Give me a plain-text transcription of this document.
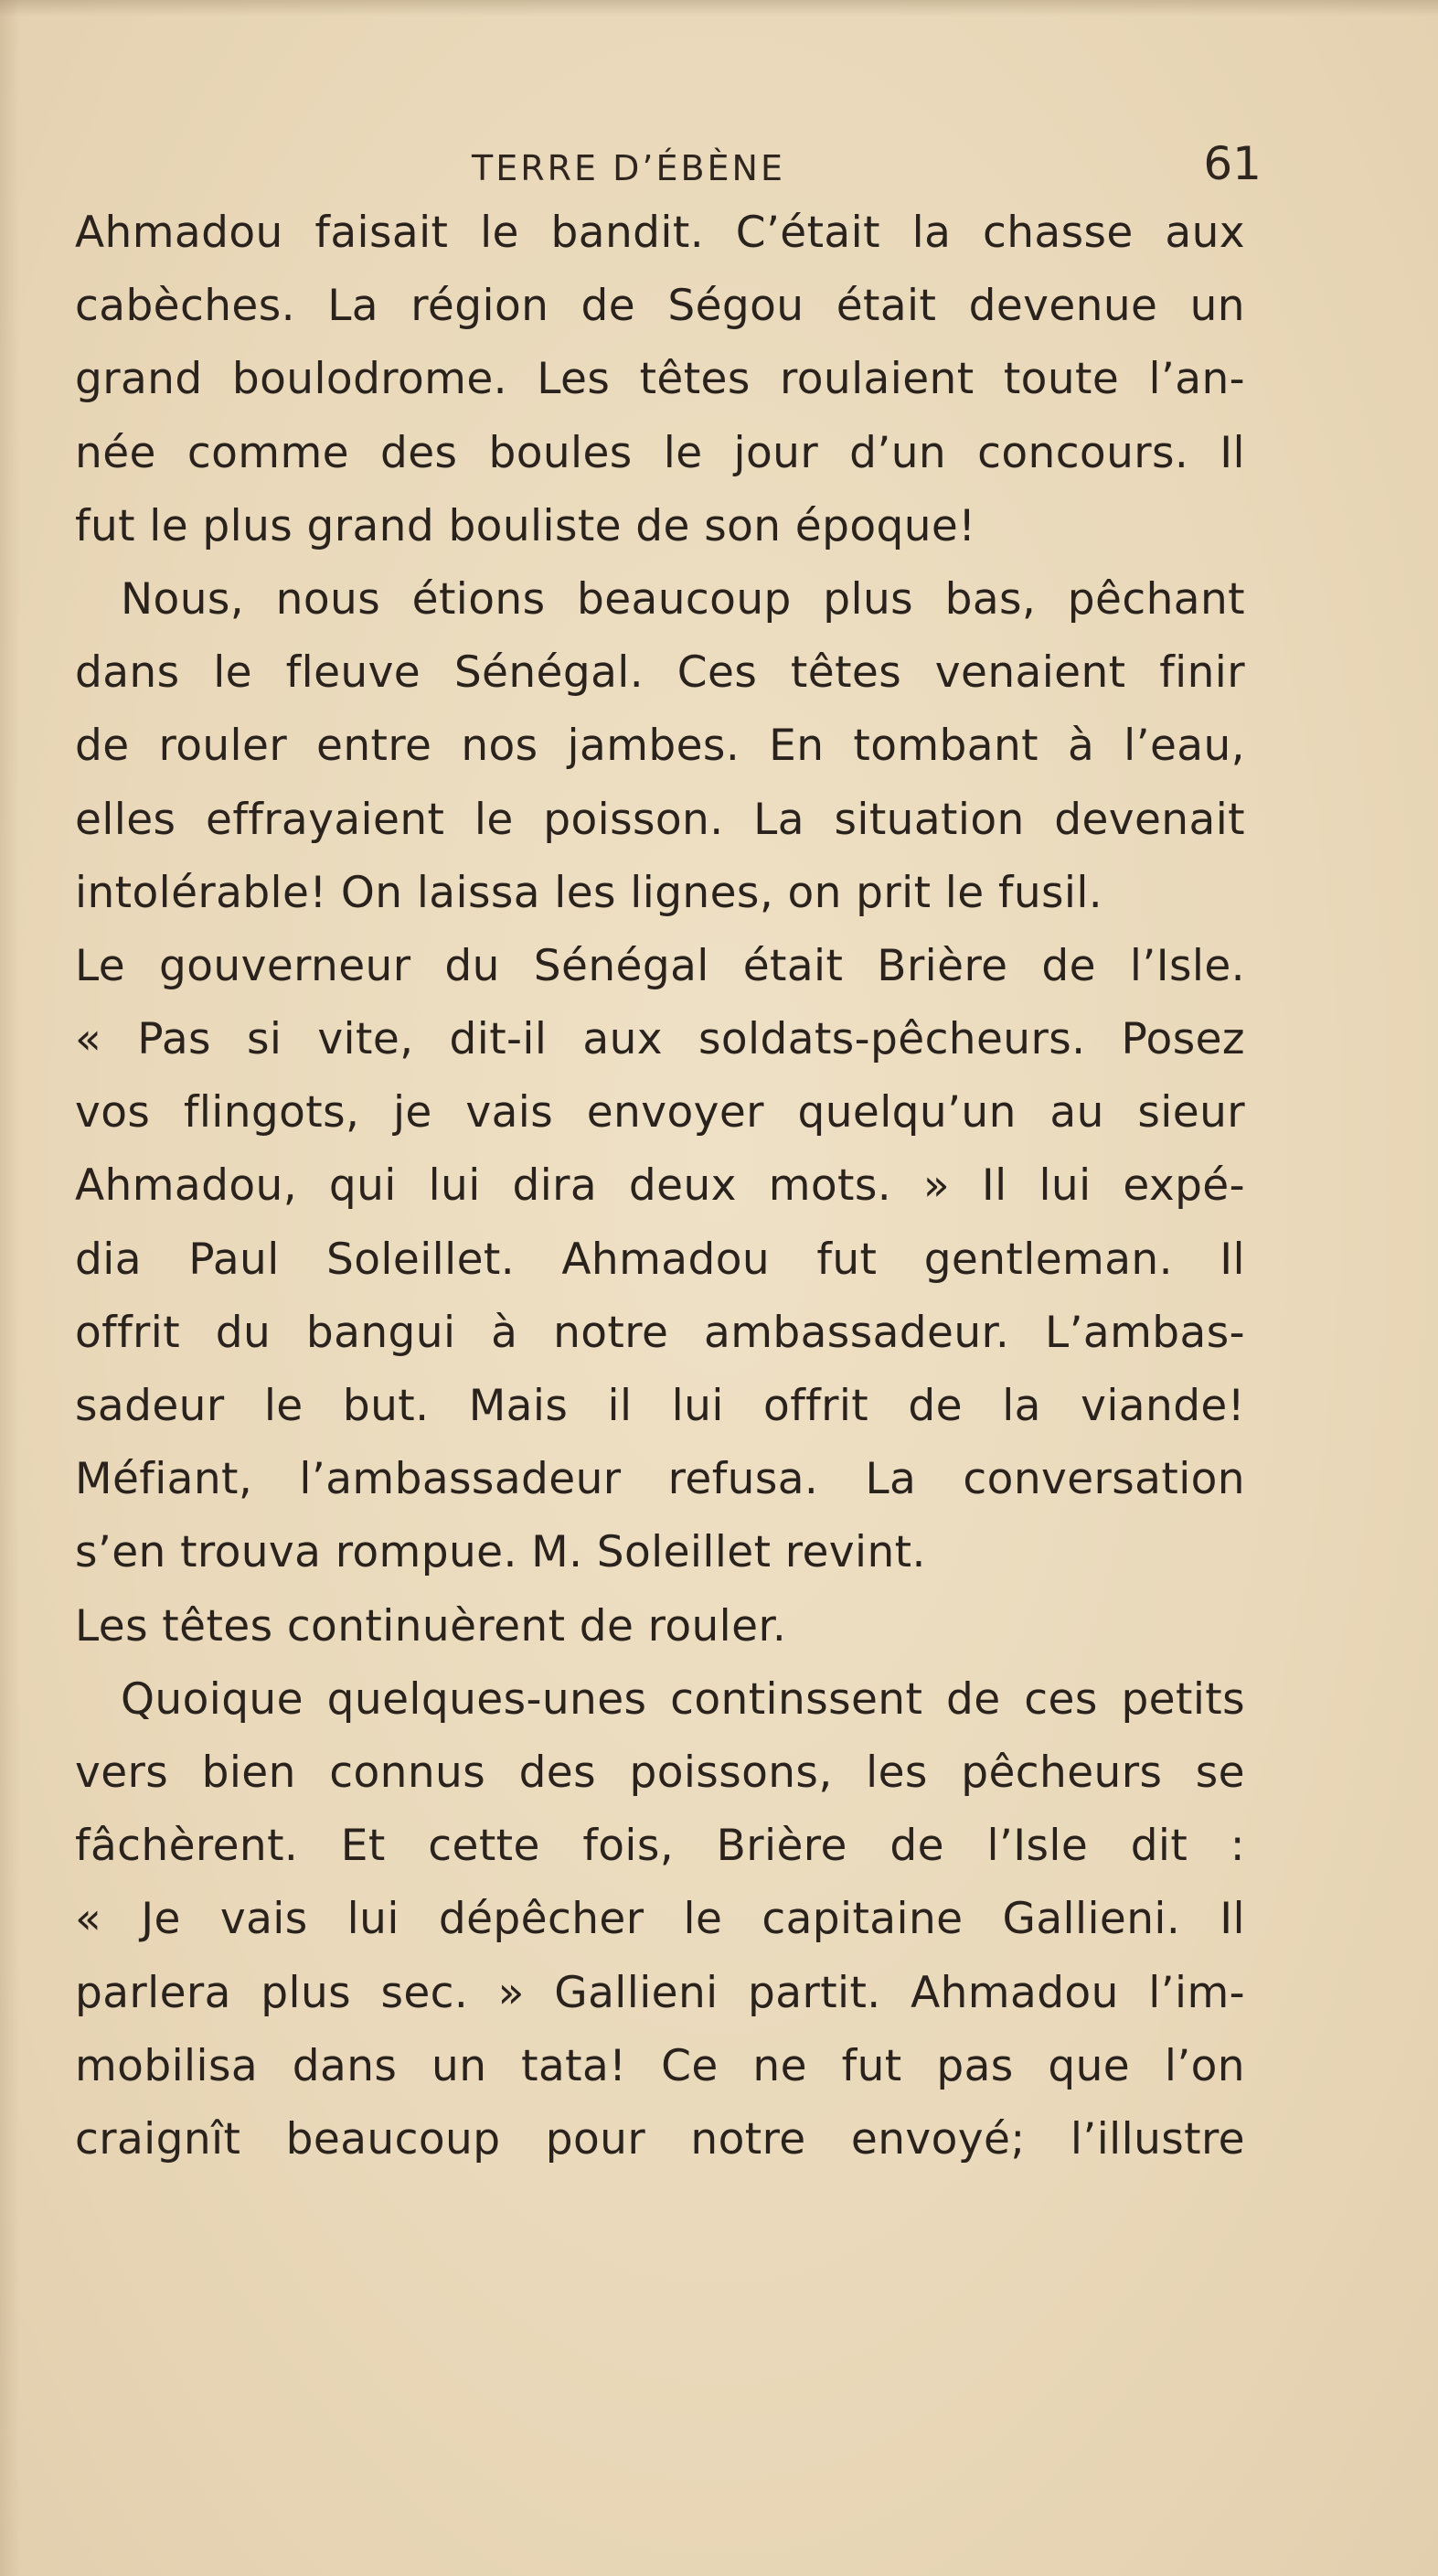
TERRE D’ÉBÈNE	61
Ahmadou faisait le bandit. C’était la chasse aux
cabèches. La région de Ségou était devenue un
grand boulodrome. Les têtes roulaient toute l’an-
née comme des boules le jour d’un concours. Il
fut le plus grand bouliste de son époque!
Nous, nous étions beaucoup plus bas, pêchant
dans le fleuve Sénégal. Ces têtes venaient finir
de rouler entre nos jambes. En tombant à l’eau,
elles effrayaient le poisson. La situation devenait
intolérable! On laissa les lignes, on prit le fusil.
Le gouverneur du Sénégal était Brière de l’Isle.
« Pas si vite, dit-il aux soldats-pêcheurs. Posez
vos flingots, je vais envoyer quelqu’un au sieur
Ahmadou, qui lui dira deux mots. » Il lui expé-
dia Paul Soleillet. Ahmadou fut gentleman. Il
offrit du bangui à notre ambassadeur. L’ambas-
sadeur le but. Mais il lui offrit de la viande!
Méfiant, l’ambassadeur refusa. La conversation
s’en trouva rompue. M. Soleillet revint.
Les têtes continuèrent de rouler.
Quoique quelques-unes continssent de ces petits
vers bien connus des poissons, les pêcheurs se
fâchèrent. Et cette fois, Brière de l’Isle dit :
« Je vais lui dépêcher le capitaine Gallieni. Il
parlera plus sec. » Gallieni partit. Ahmadou l’im-
mobilisa dans un tata! Ce ne fut pas que l’on
craignît beaucoup pour notre envoyé; l’illustre
